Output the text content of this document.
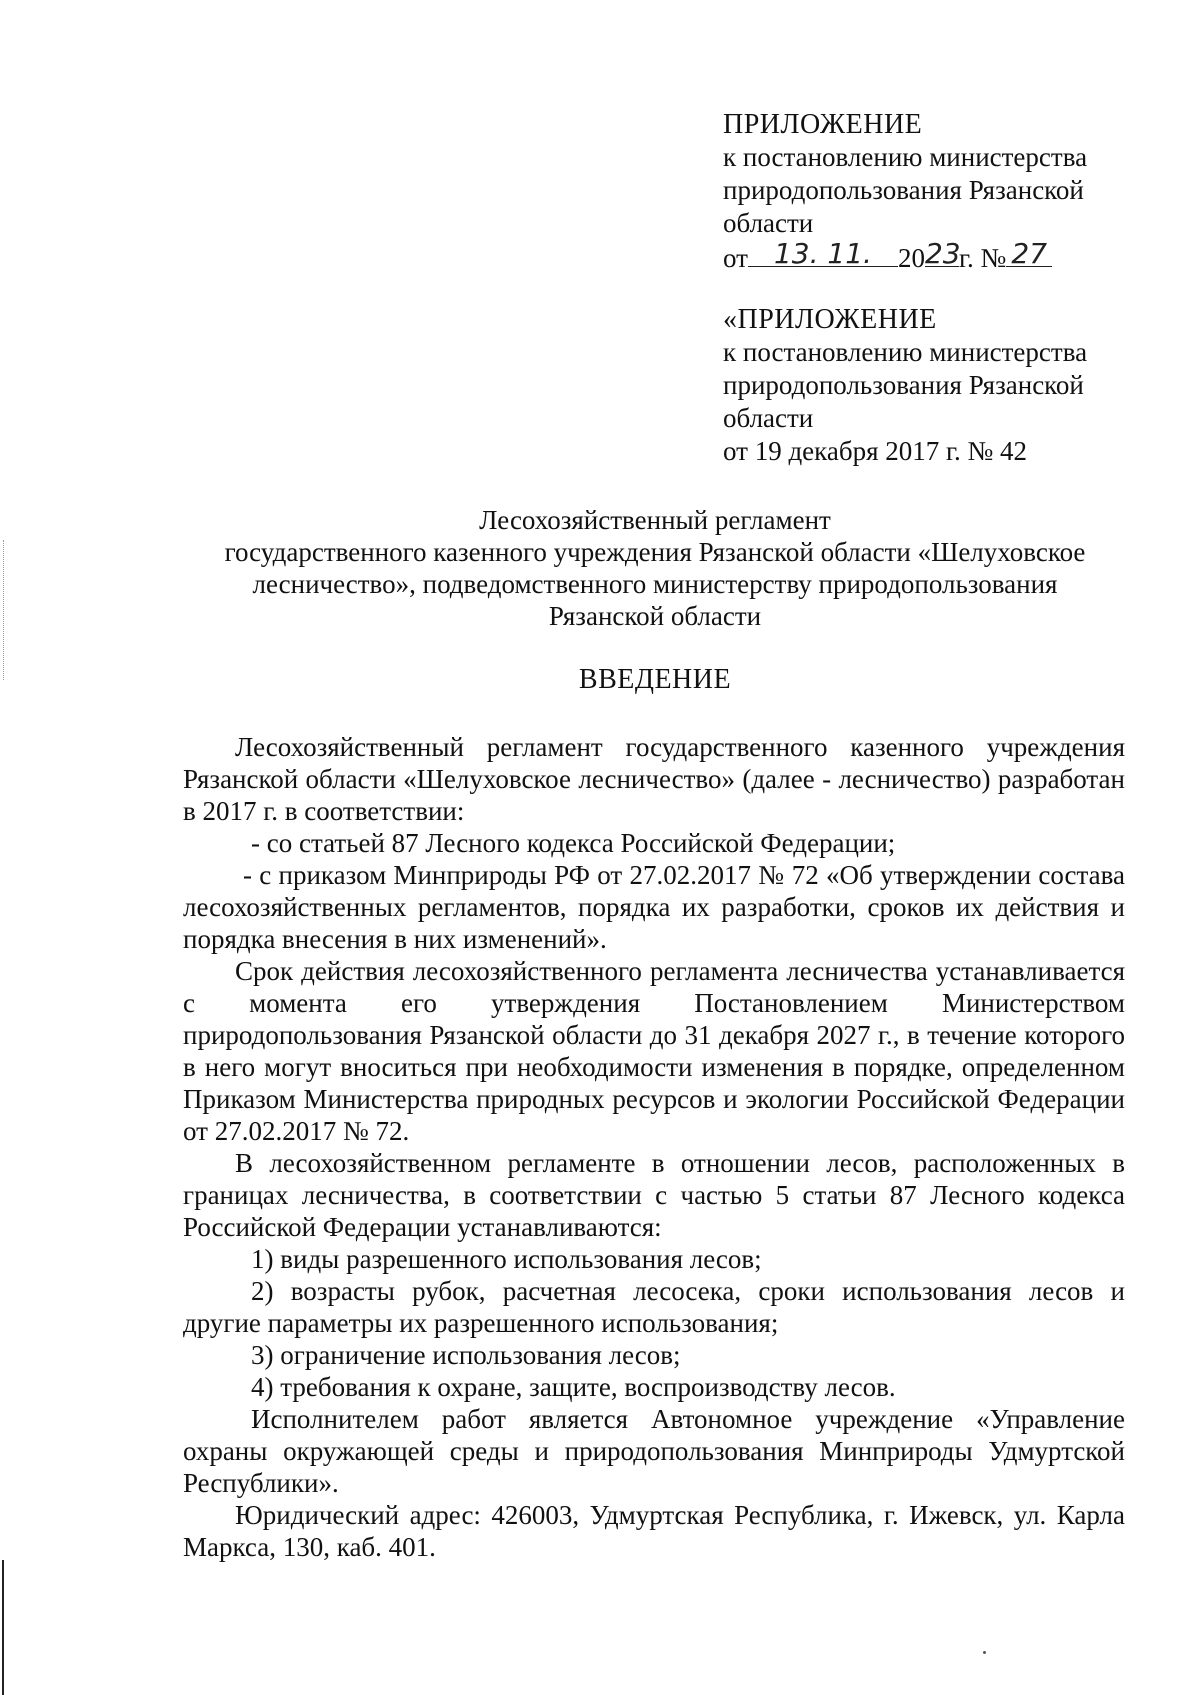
ПРИЛОЖЕНИЕ
к постановлению министерства
природопользования Рязанской
области
от 13. 11. 20 23
г. № 27
«ПРИЛОЖЕНИЕ
к постановлению министерства
природопользования Рязанской
области
от 19 декабря 2017 г. № 42
Лесохозяйственный регламент
государственного казенного учреждения Рязанской области «Шелуховское
лесничество», подведомственного министерству природопользования
Рязанской области
ВВЕДЕНИЕ

Лесохозяйственный регламент государственного казенного учреждения Рязанской области «Шелуховское лесничество» (далее - лесничество) разработан в 2017 г. в соответствии:

- со статьей 87 Лесного кодекса Российской Федерации;

- с приказом Минприроды РФ от 27.02.2017 № 72 «Об утверждении состава лесохозяйственных регламентов, порядка их разработки, сроков их действия и порядка внесения в них изменений».

Срок действия лесохозяйственного регламента лесничества устанавливается с момента его утверждения Постановлением Министерством природопользования Рязанской области до 31 декабря 2027 г., в течение которого в него могут вноситься при необходимости изменения в порядке, определенном Приказом Министерства природных ресурсов и экологии Российской Федерации от 27.02.2017 № 72.

В лесохозяйственном регламенте в отношении лесов, расположенных в границах лесничества, в соответствии с частью 5 статьи 87 Лесного кодекса Российской Федерации устанавливаются:

1) виды разрешенного использования лесов;

2) возрасты рубок, расчетная лесосека, сроки использования лесов и другие параметры их разрешенного использования;

3) ограничение использования лесов;

4) требования к охране, защите, воспроизводству лесов.

Исполнителем работ является Автономное учреждение «Управление охраны окружающей среды и природопользования Минприроды Удмуртской Республики».

Юридический адрес: 426003, Удмуртская Республика, г. Ижевск, ул. Карла Маркса, 130, каб. 401.
